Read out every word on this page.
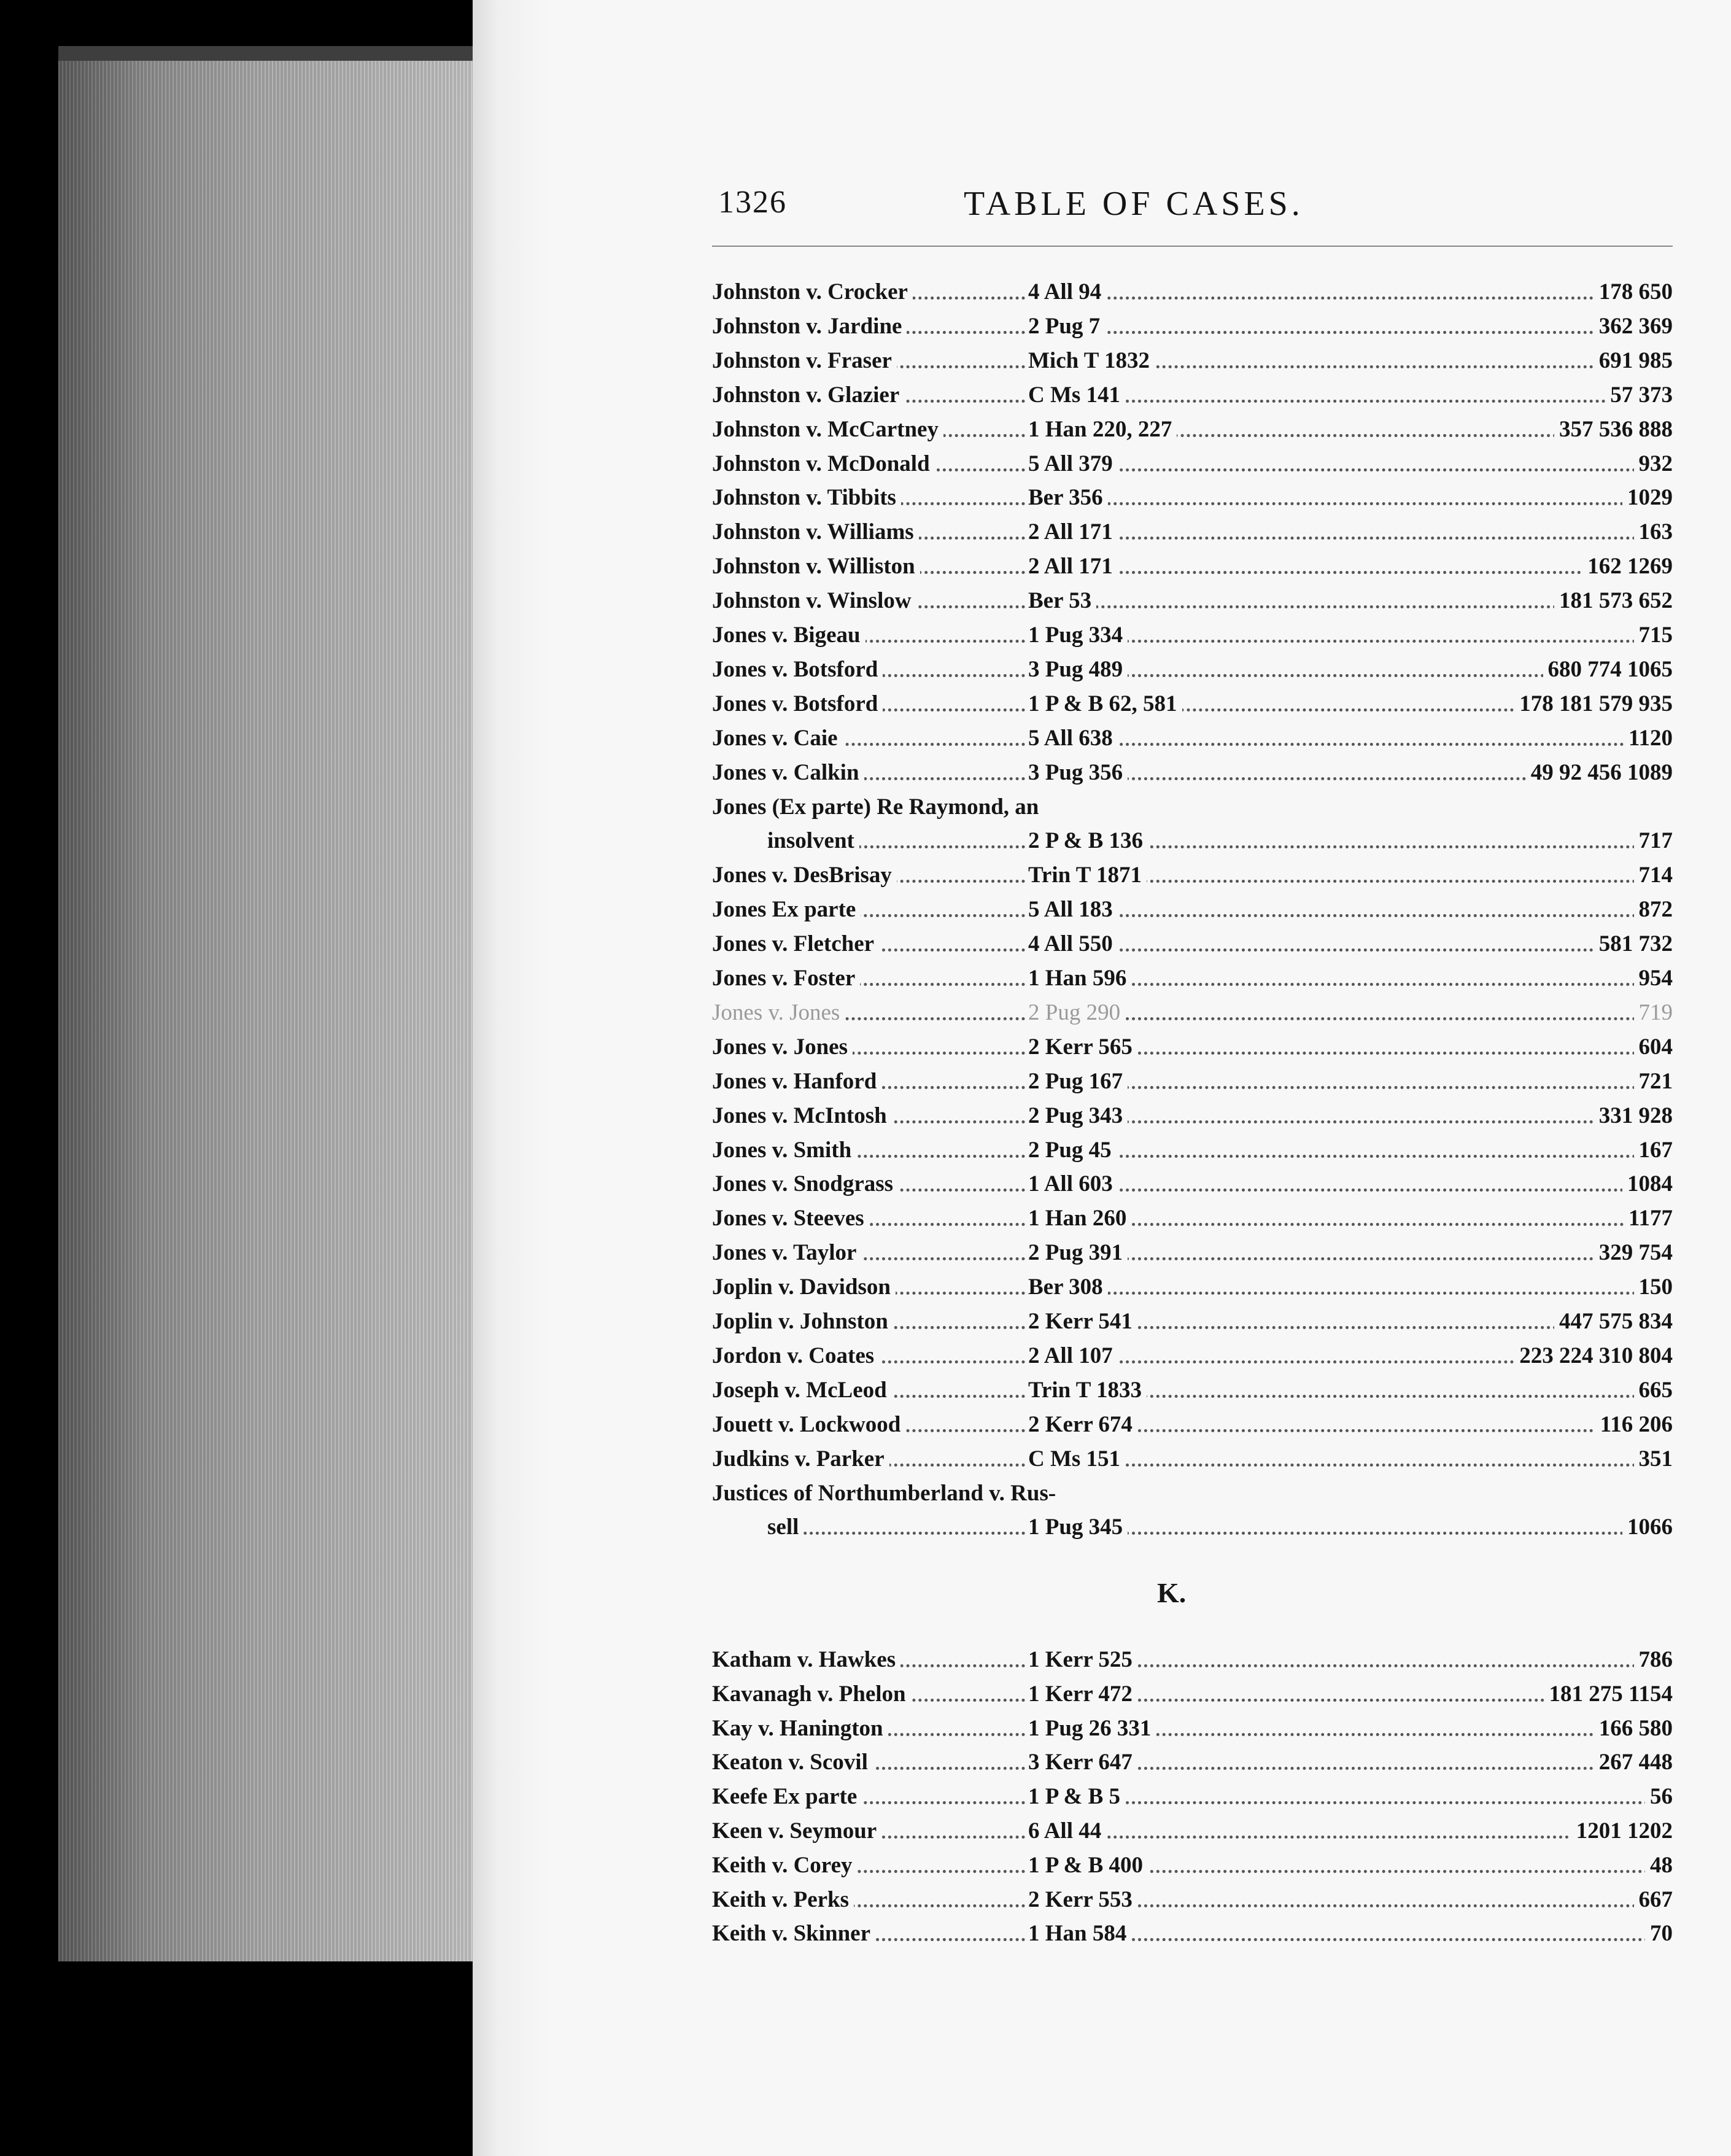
1326	TABLE OF CASES.
Johnston v. Crocker	4 All 94	178 650
Johnston v. Jardine	2 Pug 7	362 369
Johnston v. Fraser	Mich T 1832	691 985
Johnston v. Glazier	C Ms 141	57 373
Johnston v. McCartney	1 Han 220, 227	357 536 888
Johnston v. McDonald	5 All 379	932
Johnston v. Tibbits	Ber 356	1029
Johnston v. Williams	2 All 171	163
Johnston v. Williston	2 All 171	162 1269
Johnston v. Winslow	Ber 53	181 573 652
Jones v. Bigeau	1 Pug 334	715
Jones v. Botsford	3 Pug 489	680 774 1065
Jones v. Botsford	1 P & B 62, 581	178 181 579 935
Jones v. Caie	5 All 638	1120
Jones v. Calkin	3 Pug 356	49 92 456 1089
Jones (Ex parte) Re Raymond, an
insolvent	2 P & B 136	717
Jones v. DesBrisay	Trin T 1871	714
Jones Ex parte	5 All 183	872
Jones v. Fletcher	4 All 550	581 732
Jones v. Foster	1 Han 596	954
Jones v. Jones	2 Pug 290	719
Jones v. Jones	2 Kerr 565	604
Jones v. Hanford	2 Pug 167	721
Jones v. McIntosh	2 Pug 343	331 928
Jones v. Smith	2 Pug 45	167
Jones v. Snodgrass	1 All 603	1084
Jones v. Steeves	1 Han 260	1177
Jones v. Taylor	2 Pug 391	329 754
Joplin v. Davidson	Ber 308	150
Joplin v. Johnston	2 Kerr 541	447 575 834
Jordon v. Coates	2 All 107	223 224 310 804
Joseph v. McLeod	Trin T 1833	665
Jouett v. Lockwood	2 Kerr 674	116 206
Judkins v. Parker	C Ms 151	351
Justices of Northumberland v. Rus-
sell	1 Pug 345	1066
K.
Katham v. Hawkes	1 Kerr 525	786
Kavanagh v. Phelon	1 Kerr 472	181 275 1154
Kay v. Hanington	1 Pug 26 331	166 580
Keaton v. Scovil	3 Kerr 647	267 448
Keefe Ex parte	1 P & B 5	56
Keen v. Seymour	6 All 44	1201 1202
Keith v. Corey	1 P & B 400	48
Keith v. Perks	2 Kerr 553	667
Keith v. Skinner	1 Han 584	70
